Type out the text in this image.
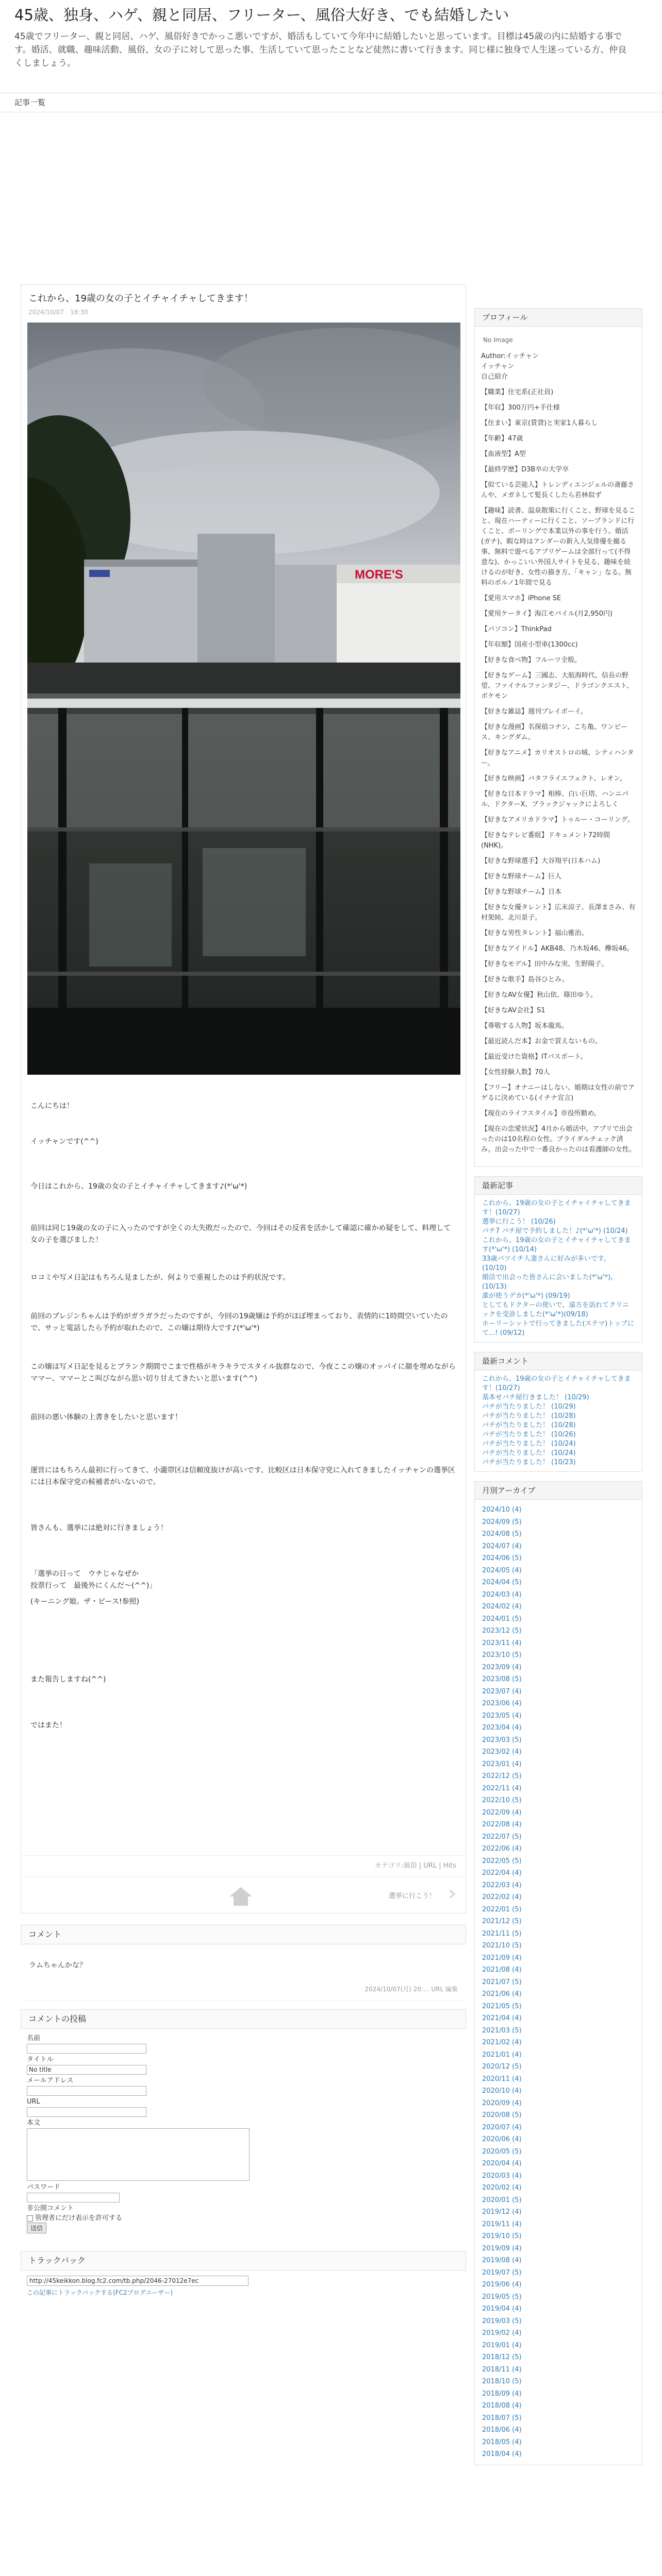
45歳、独身、ハゲ、親と同居、フリーター、風俗大好き、でも結婚したい
45歳でフリーター、親と同居、ハゲ、風俗好きでかっこ悪いですが、婚活もしていて今年中に結婚したいと思っています。目標は45歳の内に結婚する事です。婚活、就職、趣味活動、風俗、女の子に対して思った事、生活していて思ったことなど徒然に書いて行きます。同じ様に独身で人生迷っている方、仲良くしましょう。
記事一覧
これから、19歳の女の子とイチャイチャしてきます！
2024/10/07　18:30
MORE'S

こんにちは！

イッチャンです(^^)

今日はこれから、19歳の女の子とイチャイチャしてきます♪(*'ω'*)

前回は同じ19歳の女の子に入ったのですが全くの大失敗だったので、今回はその反省を活かして確認に確かめ疑をして、料理して女の子を選びました！

ロコミや写メ日記はもちろん見ましたが、何よりで重視したのは予約状況です。

前回のプレジンちゃんは予約がガラガラだったのですが、今回の19歳嬢は予約がほぼ埋まっており、表情的に1時間空いていたので、サッと電話したら予約が取れたので、この嬢は期待大です♪(*'ω'*)

この嬢は写メ日記を見るとブランク期間でこまで性格がキラキラでスタイル抜群なので、今夜ここの嬢のオッパイに顔を埋めながらママー、ママーとこ叫びながら思い切り甘えてきたいと思います(^^)

前回の悪い体験の上書きをしたいと思います！

運営にはもちろん最初に行ってきて、小瀧帯区は信頼度抜けが高いです、比較区は日本保守党に入れてきましたイッチャンの選挙区には日本保守党の候補者がいないので。

皆さんも、選挙には絶対に行きましょう！

「選挙の日って　ウチじゃなぜか
投票行って　最後外にくんだ〜(^^)」

(キーニング娘。ザ・ピース!参照)

また報告しますね(^^)

ではまた！

カテゴリ:風俗 | URL | Hits
選挙に行こう！ ›
コメント
ラムちゃんかな？
2024/10/07(月) 20:... URL 編集
コメントの投稿
名前
タイトル
No title
メールアドレス
URL
本文
パスワード
非公開コメント
管理者にだけ表示を許可する
送信
トラックバック
http://45keikkon.blog.fc2.com/tb.php/2046-27012e7ec
この記事にトラックバックする(FC2ブログユーザー)
プロフィール
No Image
Author:イッチャン
イッチャン
自己紹介
【職業】住宅系(正社員)
【年収】300万円+手仕様
【住まい】東京(賃貸)と実家1人暮らし
【年齢】47歳
【血液型】A型
【最終学歴】D3B卒の大学卒
【似ている芸能人】トレンディエンジェルの斎藤さんや、メガネして髪長くしたら若林似ず
【趣味】読書、温泉散策に行くこと、野球を見ること、現在ハーティーに行くこと、ソープランドに行くこと、ボーリングで本業以外の事を行う。婚活(ガチ)、暇な時はアンダーの新入人気俳優を撮る事、無料で遊べるアプリゲームは全部行って(不得意な)、かっこいい外国人サイトを見る、趣味を続けるのが好き、女性の描き方、「キャン」なる。無料のポルノ1年間で見る
【愛用スマホ】iPhone SE
【愛用ケータイ】海江モバイル(月2,950円)
【パソコン】ThinkPad
【年収額】国産小型車(1300cc)
【好きな食べ物】フルーツ全般。
【好きなゲーム】三國志、大航海時代、信長の野望、ファイナルファンタジー、ドラゴンクエスト、ポケモン
【好きな雑誌】週刊プレイボーイ。
【好きな漫画】名探偵コナン、こち亀、ワンピース、キングダム。
【好きなアニメ】カリオストロの城、シティハンター。
【好きな映画】バタフライエフェクト、レオン。
【好きな日本ドラマ】相棒、白い巨塔、ハンニバル、ドクターX、ブラックジャックによろしく
【好きなアメリカドラマ】トゥルー・コーリング。
【好きなテレビ番組】ドキュメント72時間(NHK)。
【好きな野球選手】大谷翔平(日本ハム)
【好きな野球チーム】巨人
【好きな野球チーム】日本
【好きな女優タレント】広末涼子、長澤まさみ、有村架純、北川景子。
【好きな男性タレント】福山雅治。
【好きなアイドル】AKB48、乃木坂46、欅坂46。
【好きなモデル】田中みな実、生野陽子。
【好きな歌手】島谷ひとみ。
【好きなAV女優】秋山依、篠田ゆう。
【好きなAV会社】S1
【尊敬する人物】坂本龍馬。
【最近読んだ本】お金で買えないもの。
【最近受けた資格】ITパスポート。
【女性経験人数】70人
【フリー】オナニーはしない、婚期は女性の前でアゲるに決めている(イチナ宣言)
【現在のライフスタイル】市役所勤め。
【現在の恋愛状況】4月から婚活中。アプリで出会ったのは10名程の女性。ブライダルチェック済み。出会った中で一番良かったのは看護師の女性。
最新記事
これから、19歳の女の子とイチャイチャしてきます！(10/27)
選挙に行こう！ (10/26)
パチ7 パチ屋で予約しました！♪(*'ω'*) (10/24)
これから、19歳の女の子とイチャイチャしてきます(*'ω'*) (10/14)
33歳バツイチ人妻さんに好みが多いです。(10/10)
婚活で出会った皆さんに会いました(*'ω'*)。(10/13)
誰が使うデカ(*'ω'*) (09/19)
としてもドクターの使いで、遠方を訪れてクリニックを受診しました(*'ω'*)(09/18)
ホーリーシットで行ってきました(ステマ)トップにて...! (09/12)
最新コメント
これから、19歳の女の子とイチャイチャしてきます！(10/27)
基本せパチ屋行きました！ (10/29)
パチが当たりました！ (10/29)
パチが当たりました！ (10/28)
パチが当たりました！ (10/28)
パチが当たりました！ (10/26)
パチが当たりました！ (10/24)
パチが当たりました！ (10/24)
パチが当たりました！ (10/23)
月別アーカイブ
2024/10 (4)
2024/09 (5)
2024/08 (5)
2024/07 (4)
2024/06 (5)
2024/05 (4)
2024/04 (5)
2024/03 (4)
2024/02 (4)
2024/01 (5)
2023/12 (5)
2023/11 (4)
2023/10 (5)
2023/09 (4)
2023/08 (5)
2023/07 (4)
2023/06 (4)
2023/05 (4)
2023/04 (4)
2023/03 (5)
2023/02 (4)
2023/01 (4)
2022/12 (5)
2022/11 (4)
2022/10 (5)
2022/09 (4)
2022/08 (4)
2022/07 (5)
2022/06 (4)
2022/05 (5)
2022/04 (4)
2022/03 (4)
2022/02 (4)
2022/01 (5)
2021/12 (5)
2021/11 (5)
2021/10 (5)
2021/09 (4)
2021/08 (4)
2021/07 (5)
2021/06 (4)
2021/05 (5)
2021/04 (4)
2021/03 (5)
2021/02 (4)
2021/01 (4)
2020/12 (5)
2020/11 (4)
2020/10 (4)
2020/09 (4)
2020/08 (5)
2020/07 (4)
2020/06 (4)
2020/05 (5)
2020/04 (4)
2020/03 (4)
2020/02 (4)
2020/01 (5)
2019/12 (4)
2019/11 (4)
2019/10 (5)
2019/09 (4)
2019/08 (4)
2019/07 (5)
2019/06 (4)
2019/05 (5)
2019/04 (4)
2019/03 (5)
2019/02 (4)
2019/01 (4)
2018/12 (5)
2018/11 (4)
2018/10 (5)
2018/09 (4)
2018/08 (4)
2018/07 (5)
2018/06 (4)
2018/05 (4)
2018/04 (4)
